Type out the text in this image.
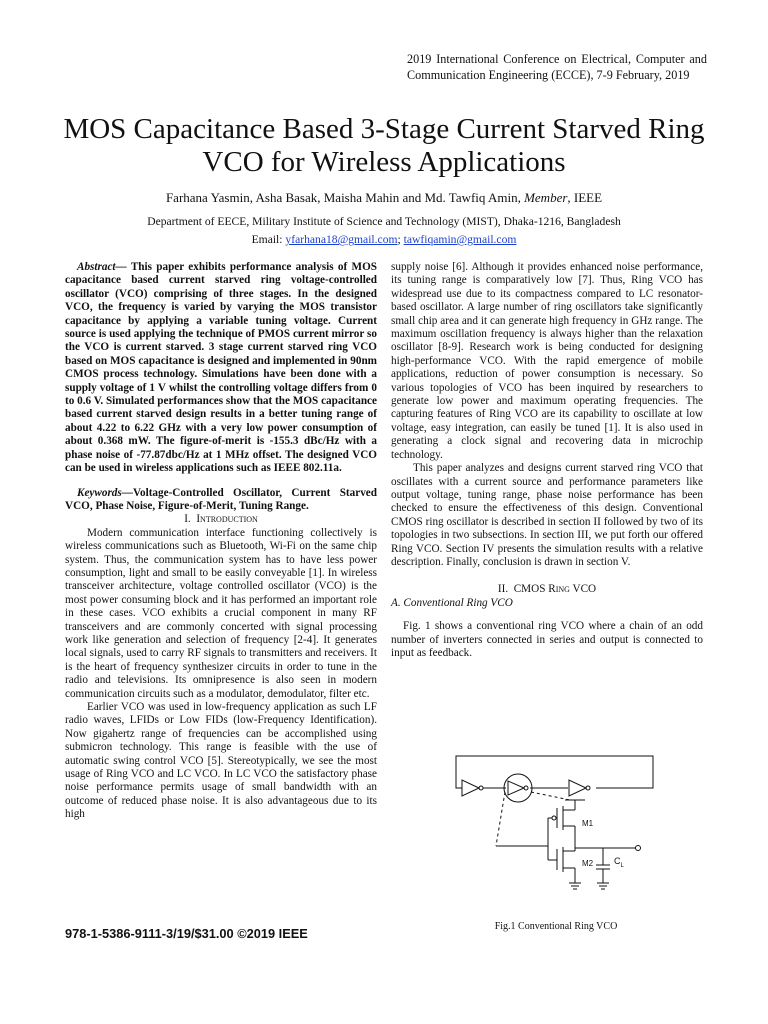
2019 International Conference on Electrical, Computer and Communication Engineering (ECCE), 7-9 February, 2019
MOS Capacitance Based 3-Stage Current Starved Ring VCO for Wireless Applications
Farhana Yasmin, Asha Basak, Maisha Mahin and Md. Tawfiq Amin, Member, IEEE
Department of EECE, Military Institute of Science and Technology (MIST), Dhaka-1216, Bangladesh
Email: yfarhana18@gmail.com; tawfiqamin@gmail.com

Abstract— This paper exhibits performance analysis of MOS capacitance based current starved ring voltage-controlled oscillator (VCO) comprising of three stages. In the designed VCO, the frequency is varied by varying the MOS transistor capacitance by applying a variable tuning voltage. Current source is used applying the technique of PMOS current mirror so the VCO is current starved. 3 stage current starved ring VCO based on MOS capacitance is designed and implemented in 90nm CMOS process technology. Simulations have been done with a supply voltage of 1 V whilst the controlling voltage differs from 0 to 0.6 V. Simulated performances show that the MOS capacitance based current starved design results in a better tuning range of about 4.22 to 6.22 GHz with a very low power consumption of about 0.368 mW. The figure-of-merit is -155.3 dBc/Hz with a phase noise of -77.87dbc/Hz at 1 MHz offset. The designed VCO can be used in wireless applications such as IEEE 802.11a.

Keywords—Voltage-Controlled Oscillator, Current Starved VCO, Phase Noise, Figure-of-Merit, Tuning Range.

I. Introduction

Modern communication interface functioning collectively is wireless communications such as Bluetooth, Wi-Fi on the same chip system. Thus, the communication system has to have less power consumption, light and small to be easily conveyable [1]. In wireless transceiver architecture, voltage controlled oscillator (VCO) is the most power consuming block and it has performed an important role in these cases. VCO exhibits a crucial component in many RF transceivers and are commonly concerted with signal processing work like generation and selection of frequency [2-4]. It generates local signals, used to carry RF signals to transmitters and receivers. It is the heart of frequency synthesizer circuits in order to tune in the radio and televisions. Its omnipresence is also seen in modern communication circuits such as a modulator, demodulator, filter etc.

Earlier VCO was used in low-frequency application as such LF radio waves, LFIDs or Low FIDs (low-Frequency Identification). Now gigahertz range of frequencies can be accomplished using submicron technology. This range is feasible with the use of automatic swing control VCO [5]. Stereotypically, we see the most usage of Ring VCO and LC VCO. In LC VCO the satisfactory phase noise performance permits usage of small bandwidth with an outcome of reduced phase noise. It is also advantageous due to its high

978-1-5386-9111-3/19/$31.00 ©2019 IEEE

supply noise [6]. Although it provides enhanced noise performance, its tuning range is comparatively low [7]. Thus, Ring VCO has widespread use due to its compactness compared to LC resonator-based oscillator. A large number of ring oscillators take significantly small chip area and it can generate high frequency in GHz range. The maximum oscillation frequency is always higher than the relaxation oscillator [8-9]. Research work is being conducted for designing high-performance VCO. With the rapid emergence of mobile applications, reduction of power consumption is necessary. So various topologies of VCO has been inquired by researchers to generate low power and maximum operating frequencies. The capturing features of Ring VCO are its capability to oscillate at low voltage, easy integration, can easily be tuned [1]. It is also used in generating a clock signal and recovering data in microchip technology.

This paper analyzes and designs current starved ring VCO that oscillates with a current source and performance parameters like output voltage, tuning range, phase noise performance has been checked to ensure the effectiveness of this design. Conventional CMOS ring oscillator is described in section II followed by two of its topologies in two subsections. In section III, we put forth our offered Ring VCO. Section IV presents the simulation results with a relative description. Finally, conclusion is drawn in section V.

II. CMOS Ring VCO

A. Conventional Ring VCO

Fig. 1 shows a conventional ring VCO where a chain of an odd number of inverters connected in series and output is connected to input as feedback.

M1
M2 $C_L$
Fig.1 Conventional Ring VCO
